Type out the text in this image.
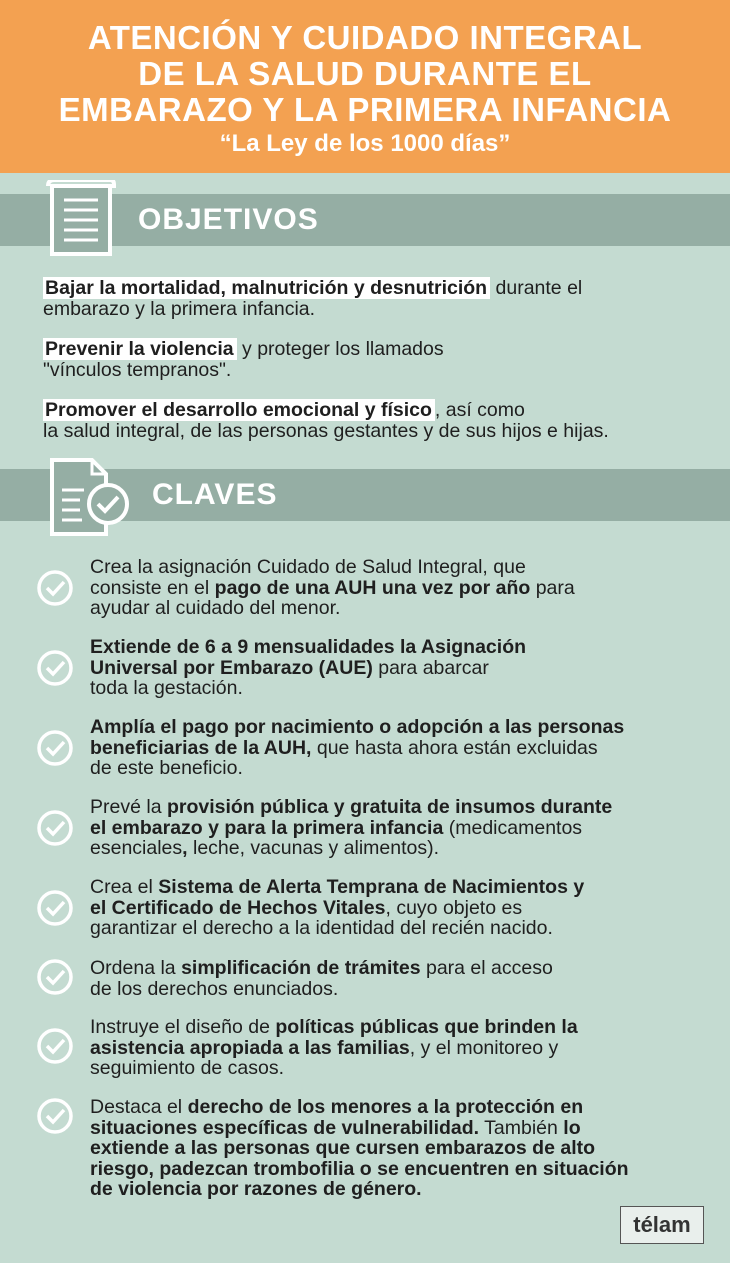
ATENCIÓN Y CUIDADO INTEGRAL
DE LA SALUD DURANTE EL
EMBARAZO Y LA PRIMERA INFANCIA
“La Ley de los 1000 días”
OBJETIVOS
Bajar la mortalidad, malnutrición y desnutrición durante el
embarazo y la primera infancia.
Prevenir la violencia y proteger los llamados
"vínculos tempranos".
Promover el desarrollo emocional y físico , así como
la salud integral, de las personas gestantes y de sus hijos e hijas.
CLAVES
Crea la asignación Cuidado de Salud Integral, que
consiste en el pago de una AUH una vez por año para
ayudar al cuidado del menor.
Extiende de 6 a 9 mensualidades la Asignación
Universal por Embarazo (AUE) para abarcar
toda la gestación.
Amplía el pago por nacimiento o adopción a las personas
beneficiarias de la AUH, que hasta ahora están excluidas
de este beneficio.
Prevé la provisión pública y gratuita de insumos durante
el embarazo y para la primera infancia (medicamentos
esenciales, leche, vacunas y alimentos).
Crea el Sistema de Alerta Temprana de Nacimientos y
el Certificado de Hechos Vitales, cuyo objeto es
garantizar el derecho a la identidad del recién nacido.
Ordena la simplificación de trámites para el acceso
de los derechos enunciados.
Instruye el diseño de políticas públicas que brinden la
asistencia apropiada a las familias, y el monitoreo y
seguimiento de casos.
Destaca el derecho de los menores a la protección en
situaciones específicas de vulnerabilidad. También lo
extiende a las personas que cursen embarazos de alto
riesgo, padezcan trombofilia o se encuentren en situación
de violencia por razones de género.
télam
